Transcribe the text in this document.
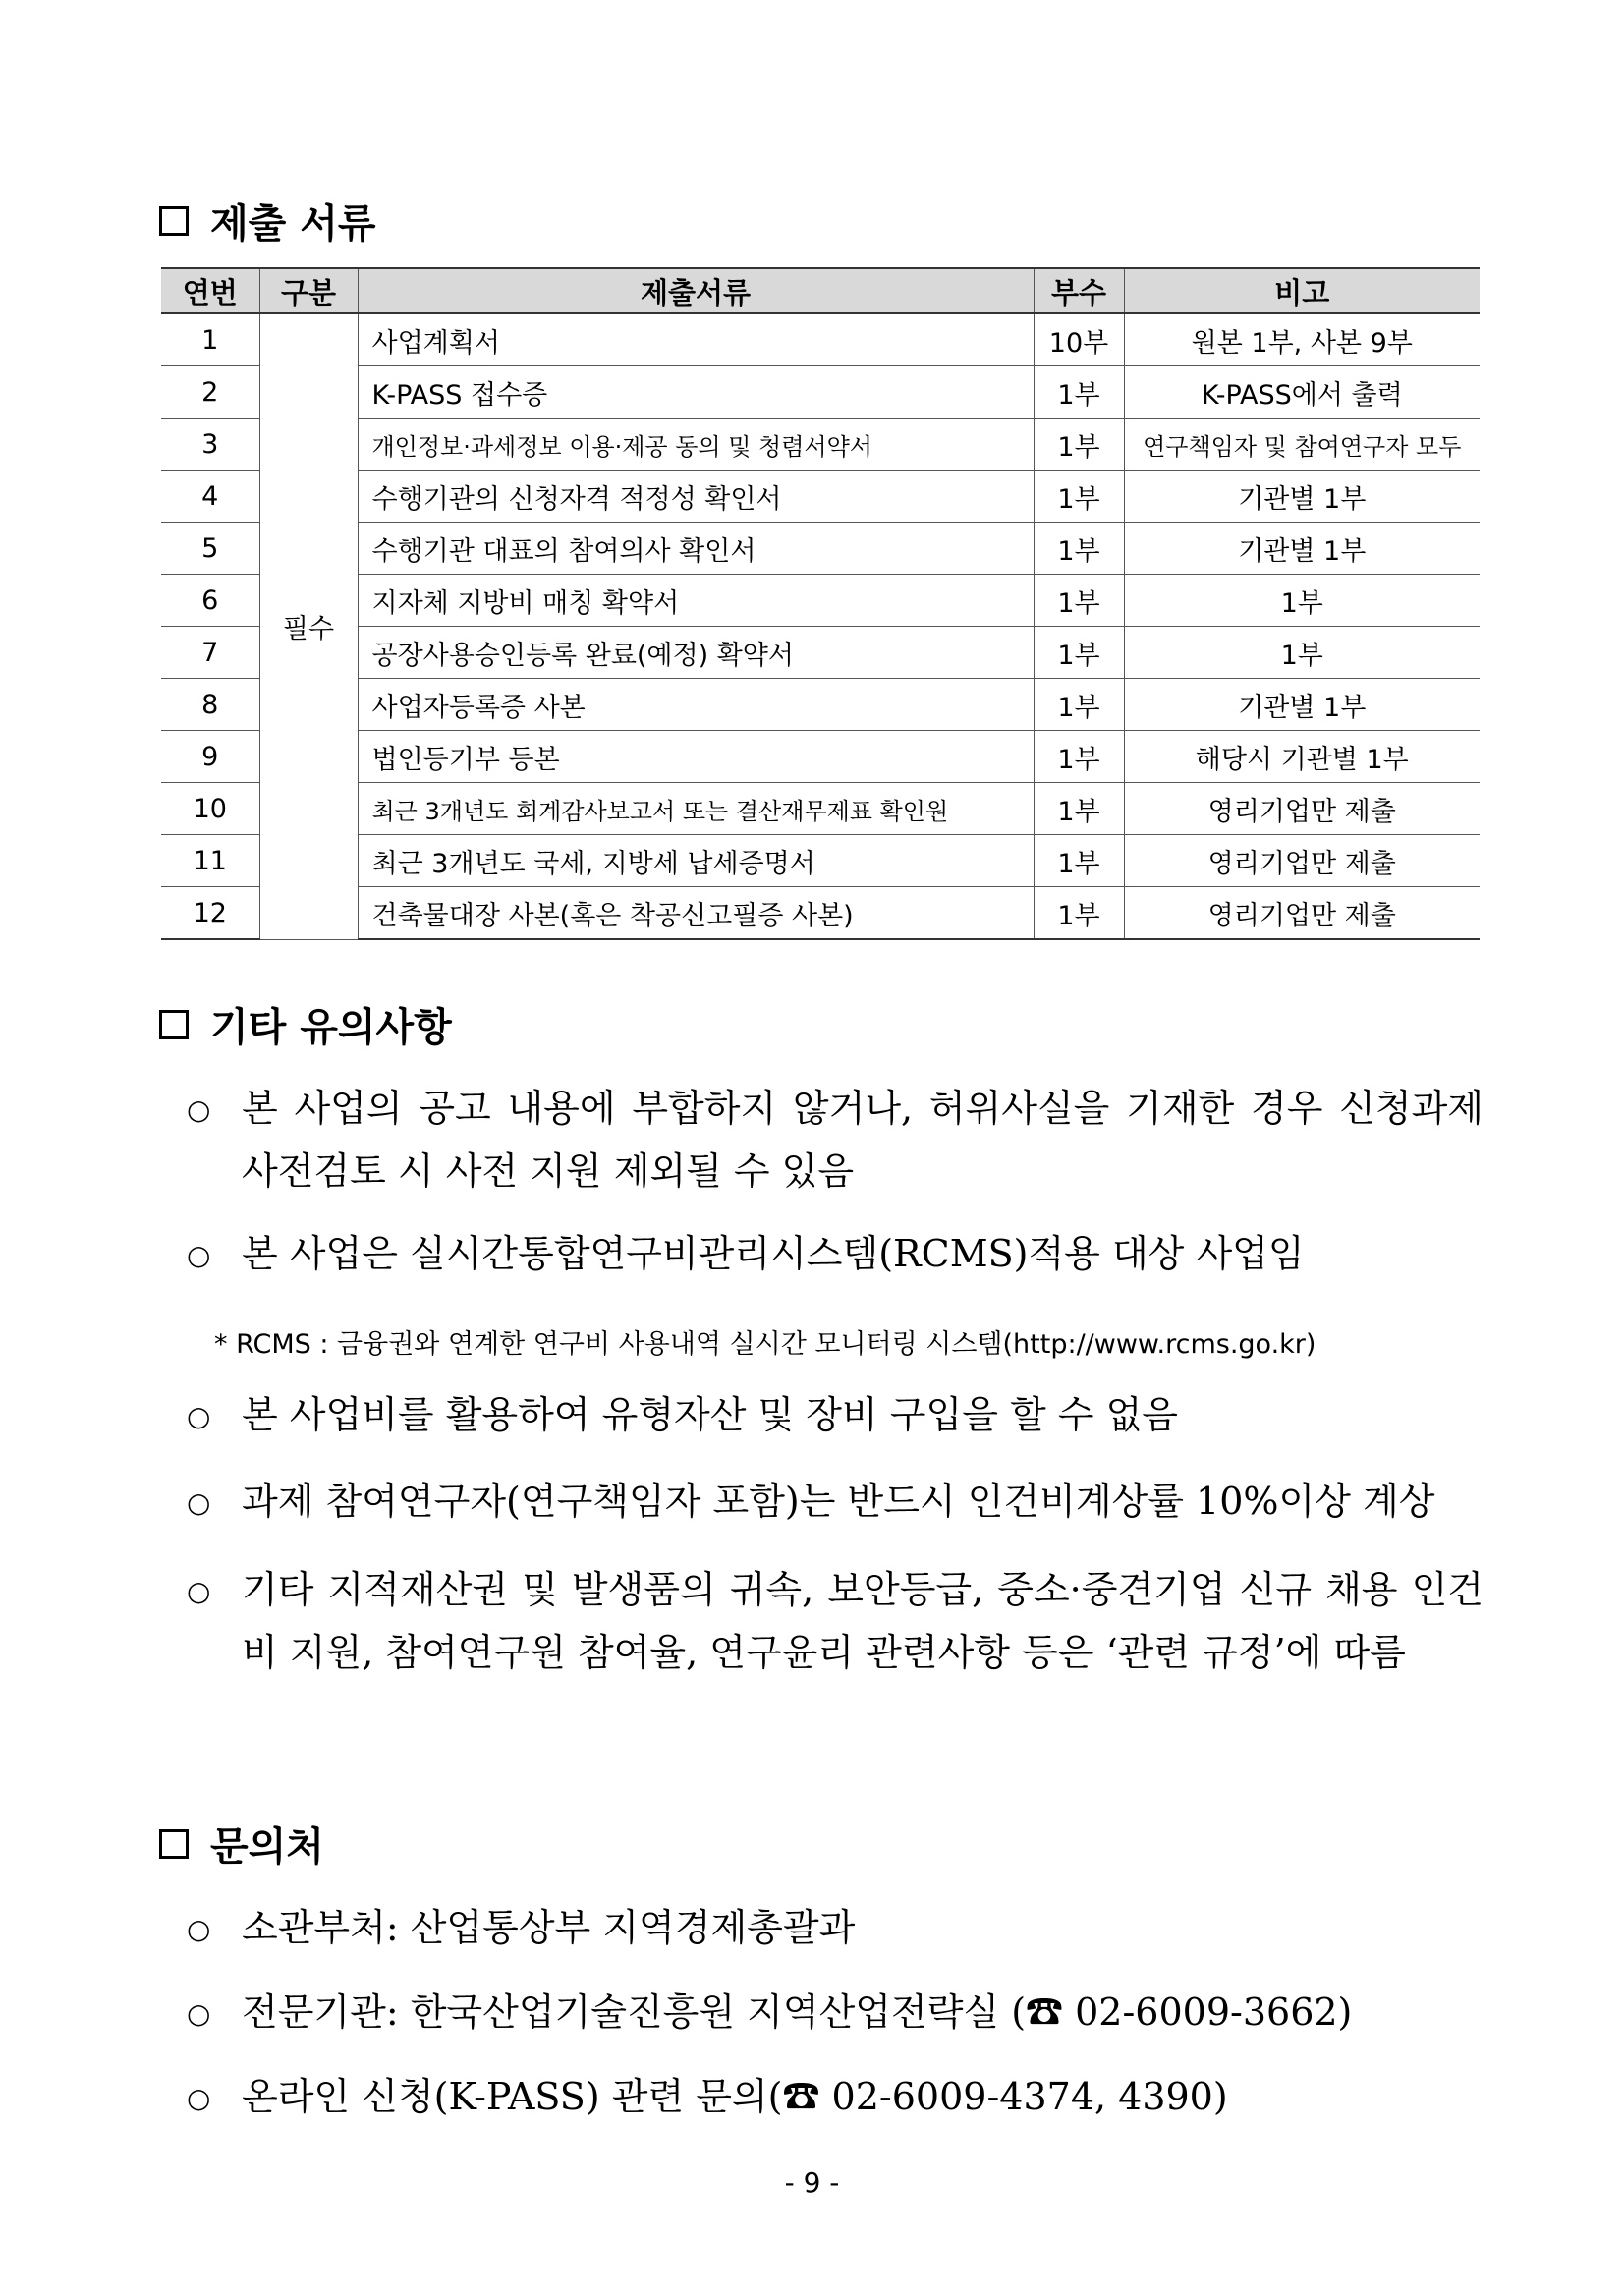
제출 서류
연번	구분	제출서류	부수	비고
1	필수	사업계획서	10부	원본 1부, 사본 9부
2		K-PASS 접수증	1부	K-PASS에서 출력
3		개인정보·과세정보 이용·제공 동의 및 청렴서약서	1부	연구책임자 및 참여연구자 모두
4		수행기관의 신청자격 적정성 확인서	1부	기관별 1부
5		수행기관 대표의 참여의사 확인서	1부	기관별 1부
6		지자체 지방비 매칭 확약서	1부	1부
7		공장사용승인등록 완료(예정) 확약서	1부	1부
8		사업자등록증 사본	1부	기관별 1부
9		법인등기부 등본	1부	해당시 기관별 1부
10		최근 3개년도 회계감사보고서 또는 결산재무제표 확인원	1부	영리기업만 제출
11		최근 3개년도 국세, 지방세 납세증명서	1부	영리기업만 제출
12		건축물대장 사본(혹은 착공신고필증 사본)	1부	영리기업만 제출
기타 유의사항
○ 본 사업의 공고 내용에 부합하지 않거나, 허위사실을 기재한 경우 신청과제 사전검토 시 사전 지원 제외될 수 있음
○ 본 사업은 실시간통합연구비관리시스템(RCMS)적용 대상 사업임
* RCMS : 금융권와 연계한 연구비 사용내역 실시간 모니터링 시스템(http://www.rcms.go.kr)
○ 본 사업비를 활용하여 유형자산 및 장비 구입을 할 수 없음
○ 과제 참여연구자(연구책임자 포함)는 반드시 인건비계상률 10%이상 계상
○ 기타 지적재산권 및 발생품의 귀속, 보안등급, 중소·중견기업 신규 채용 인건비 지원, 참여연구원 참여율, 연구윤리 관련사항 등은 ‘관련 규정’에 따름
문의처
○ 소관부처: 산업통상부 지역경제총괄과
○ 전문기관: 한국산업기술진흥원 지역산업전략실 (☎ 02-6009-3662)
○ 온라인 신청(K-PASS) 관련 문의(☎ 02-6009-4374, 4390)
- 9 -
